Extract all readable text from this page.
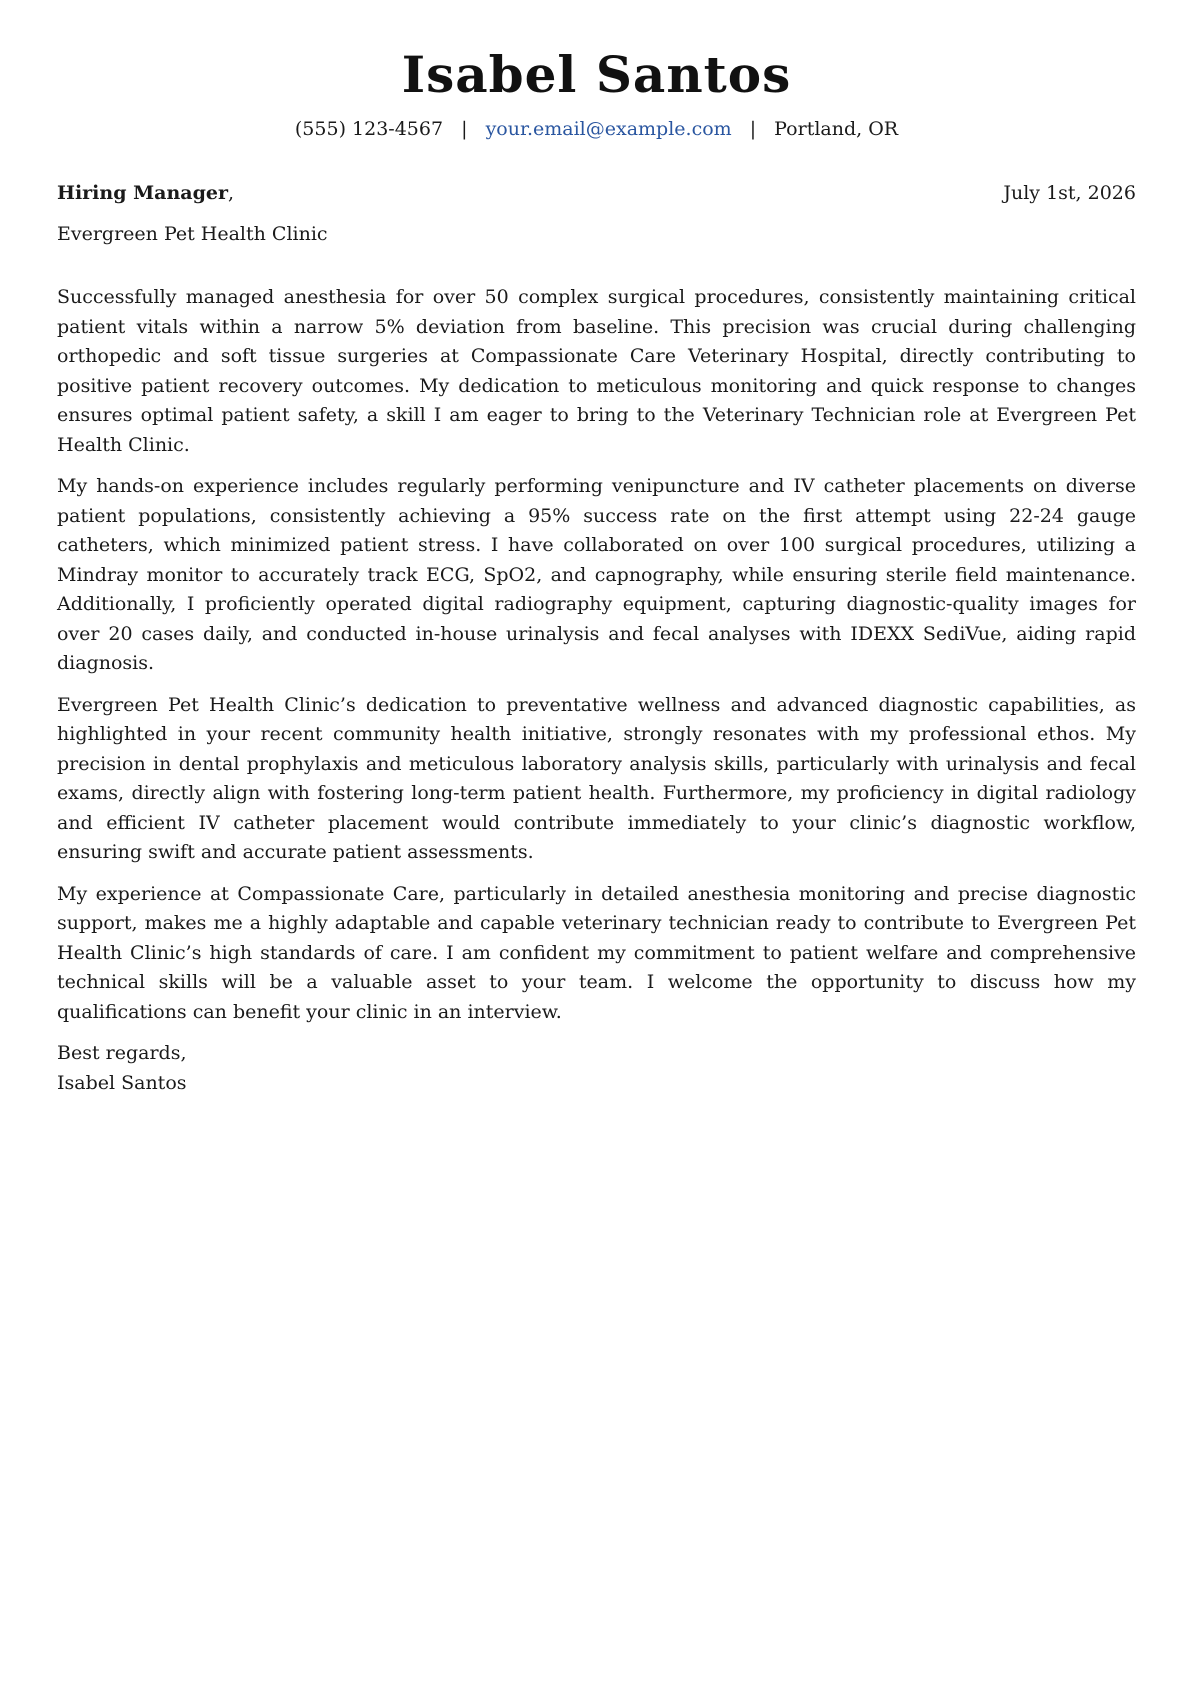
Isabel Santos
(555) 123-4567 | your.email@example.com | Portland, OR
Hiring Manager,	July 1st, 2026
Evergreen Pet Health Clinic

Successfully managed anesthesia for over 50 complex surgical procedures, consistently maintaining critical patient vitals within a narrow 5% deviation from baseline. This precision was crucial during challenging orthopedic and soft tissue surgeries at Compassionate Care Veterinary Hospital, directly contributing to positive patient recovery outcomes. My dedication to meticulous monitoring and quick response to changes ensures optimal patient safety, a skill I am eager to bring to the Veterinary Technician role at Evergreen Pet Health Clinic.

My hands-on experience includes regularly performing venipuncture and IV catheter placements on diverse patient populations, consistently achieving a 95% success rate on the first attempt using 22-24 gauge catheters, which minimized patient stress. I have collaborated on over 100 surgical procedures, utilizing a Mindray monitor to accurately track ECG, SpO2, and capnography, while ensuring sterile field maintenance. Additionally, I proficiently operated digital radiography equipment, capturing diagnostic-quality images for over 20 cases daily, and conducted in-house urinalysis and fecal analyses with IDEXX SediVue, aiding rapid diagnosis.

Evergreen Pet Health Clinic’s dedication to preventative wellness and advanced diagnostic capabilities, as highlighted in your recent community health initiative, strongly resonates with my professional ethos. My precision in dental prophylaxis and meticulous laboratory analysis skills, particularly with urinalysis and fecal exams, directly align with fostering long-term patient health. Furthermore, my proficiency in digital radiology and efficient IV catheter placement would contribute immediately to your clinic’s diagnostic workflow, ensuring swift and accurate patient assessments.

My experience at Compassionate Care, particularly in detailed anesthesia monitoring and precise diagnostic support, makes me a highly adaptable and capable veterinary technician ready to contribute to Evergreen Pet Health Clinic’s high standards of care. I am confident my commitment to patient welfare and comprehensive technical skills will be a valuable asset to your team. I welcome the opportunity to discuss how my qualifications can benefit your clinic in an interview.

Best regards,
Isabel Santos
